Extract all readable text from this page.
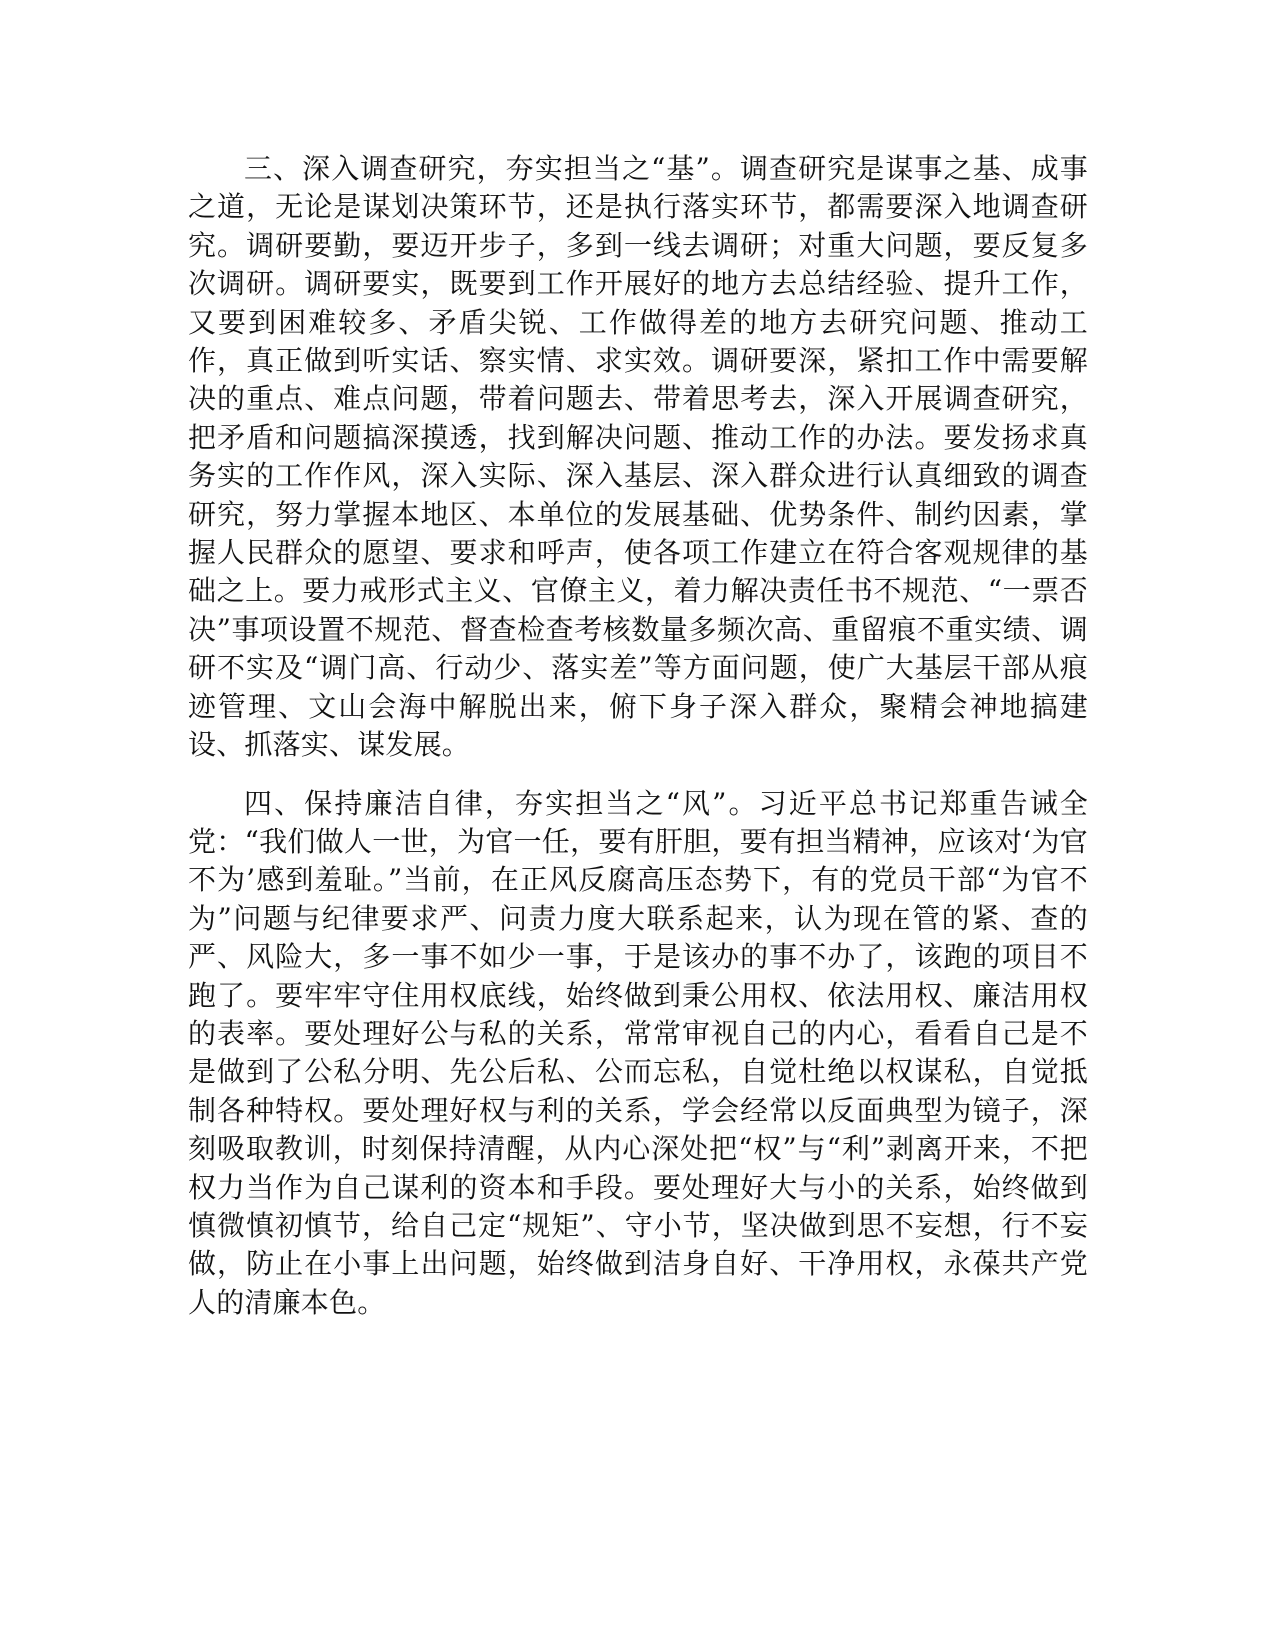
三、深入调查研究，夯实担当之“基”。调查研究是谋事之基、成事之道，无论是谋划决策环节，还是执行落实环节，都需要深入地调查研究。调研要勤，要迈开步子，多到一线去调研；对重大问题，要反复多次调研。调研要实，既要到工作开展好的地方去总结经验、提升工作，又要到困难较多、矛盾尖锐、工作做得差的地方去研究问题、推动工作，真正做到听实话、察实情、求实效。调研要深，紧扣工作中需要解决的重点、难点问题，带着问题去、带着思考去，深入开展调查研究，把矛盾和问题搞深摸透，找到解决问题、推动工作的办法。要发扬求真务实的工作作风，深入实际、深入基层、深入群众进行认真细致的调查研究，努力掌握本地区、本单位的发展基础、优势条件、制约因素，掌握人民群众的愿望、要求和呼声，使各项工作建立在符合客观规律的基础之上。要力戒形式主义、官僚主义，着力解决责任书不规范、“一票否决”事项设置不规范、督查检查考核数量多频次高、重留痕不重实绩、调研不实及“调门高、行动少、落实差”等方面问题，使广大基层干部从痕迹管理、文山会海中解脱出来，俯下身子深入群众，聚精会神地搞建设、抓落实、谋发展。

四、保持廉洁自律，夯实担当之“风”。习近平总书记郑重告诫全党：“我们做人一世，为官一任，要有肝胆，要有担当精神，应该对‘为官不为’感到羞耻。”当前，在正风反腐高压态势下，有的党员干部“为官不为”问题与纪律要求严、问责力度大联系起来，认为现在管的紧、查的严、风险大，多一事不如少一事，于是该办的事不办了，该跑的项目不跑了。要牢牢守住用权底线，始终做到秉公用权、依法用权、廉洁用权的表率。要处理好公与私的关系，常常审视自己的内心，看看自己是不是做到了公私分明、先公后私、公而忘私，自觉杜绝以权谋私，自觉抵制各种特权。要处理好权与利的关系，学会经常以反面典型为镜子，深刻吸取教训，时刻保持清醒，从内心深处把“权”与“利”剥离开来，不把权力当作为自己谋利的资本和手段。要处理好大与小的关系，始终做到慎微慎初慎节，给自己定“规矩”、守小节，坚决做到思不妄想，行不妄做，防止在小事上出问题，始终做到洁身自好、干净用权，永葆共产党人的清廉本色。
